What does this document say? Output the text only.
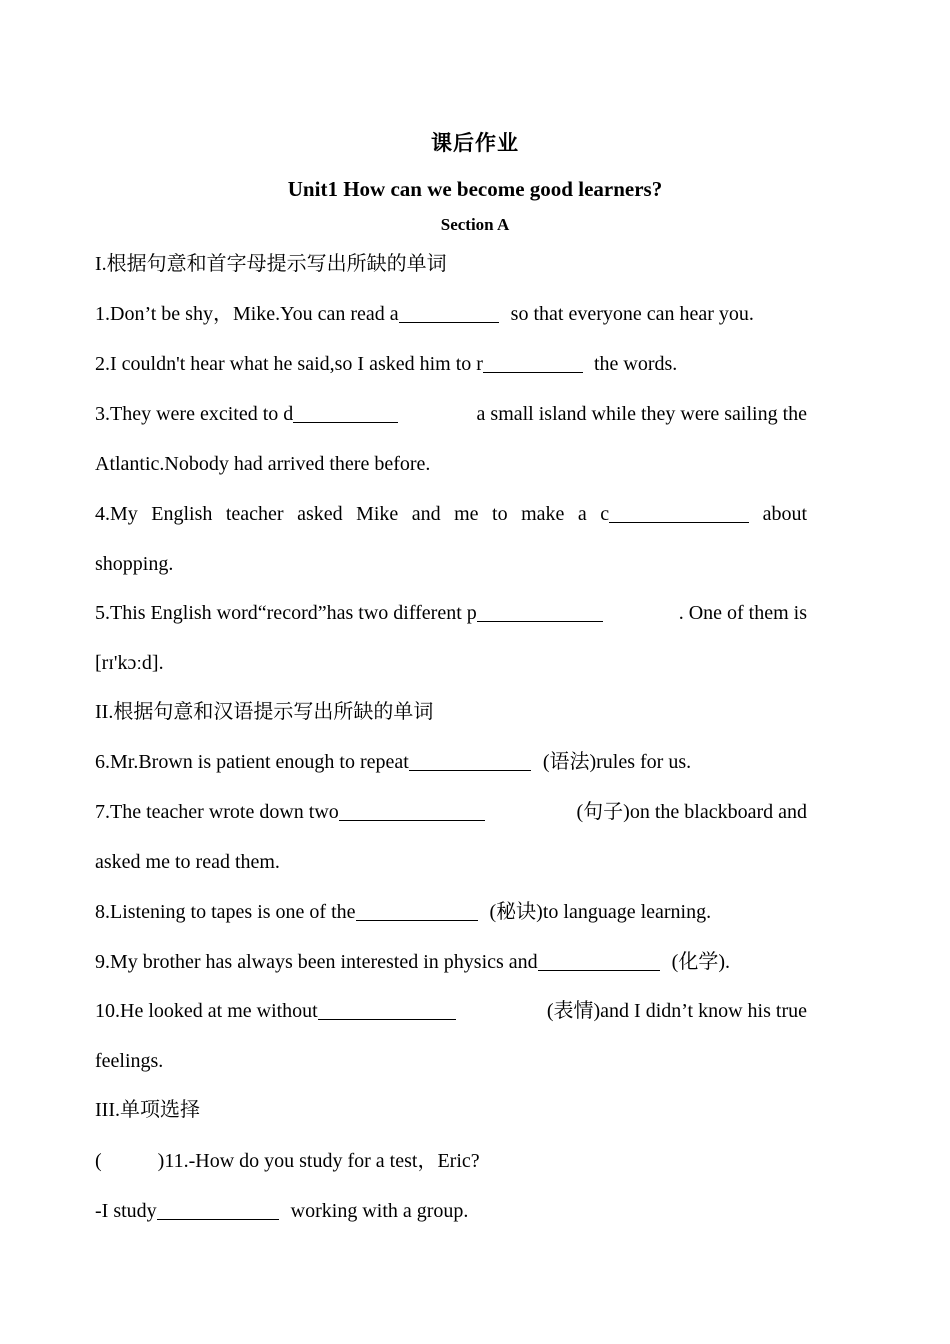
课后作业
Unit1 How can we become good learners?
Section A
I.根据句意和首字母提示写出所缺的单词
1.Don’t be shy，Mike.You can read a	so that everyone can hear you.
2.I couldn't hear what he said,so I asked him to r	the words.
3.They were excited to d	a small island while they were sailing the
Atlantic.Nobody had arrived there before.
4.My English teacher asked Mike and me to make a c	about
shopping.
5.This English word“record”has two different p	. One of them is
[rɪ'kɔːd].
II.根据句意和汉语提示写出所缺的单词
6.Mr.Brown is patient enough to repeat	(语法)rules for us.
7.The teacher wrote down two	(句子)on the blackboard and
asked me to read them.
8.Listening to tapes is one of the	(秘诀)to language learning.
9.My brother has always been interested in physics and	(化学).
10.He looked at me without	(表情)and I didn’t know his true
feelings.
III.单项选择
(	)11.-How do you study for a test，Eric?
-I study	working with a group.
